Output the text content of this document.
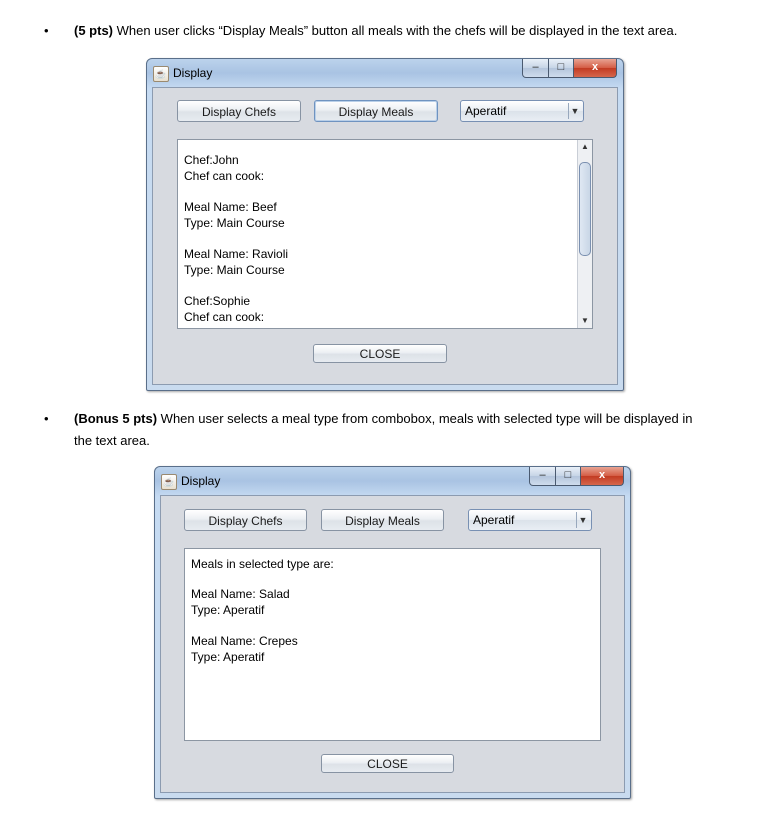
•	(5 pts) When user clicks “Display Meals” button all meals with the chefs will be displayed in the text area.
☕ Display	–	□	x
Display Chefs	Display Meals	Aperatif	▼
Chef:John
Chef can cook:
Meal Name: Beef
Type: Main Course
Meal Name: Ravioli
Type: Main Course
Chef:Sophie
Chef can cook:
▲
▼
CLOSE
•	(Bonus 5 pts) When user selects a meal type from combobox, meals with selected type will be displayed in
the text area.
☕ Display	–	□	x
Display Chefs	Display Meals	Aperatif	▼
Meals in selected type are:
Meal Name: Salad
Type: Aperatif
Meal Name: Crepes
Type: Aperatif
CLOSE
